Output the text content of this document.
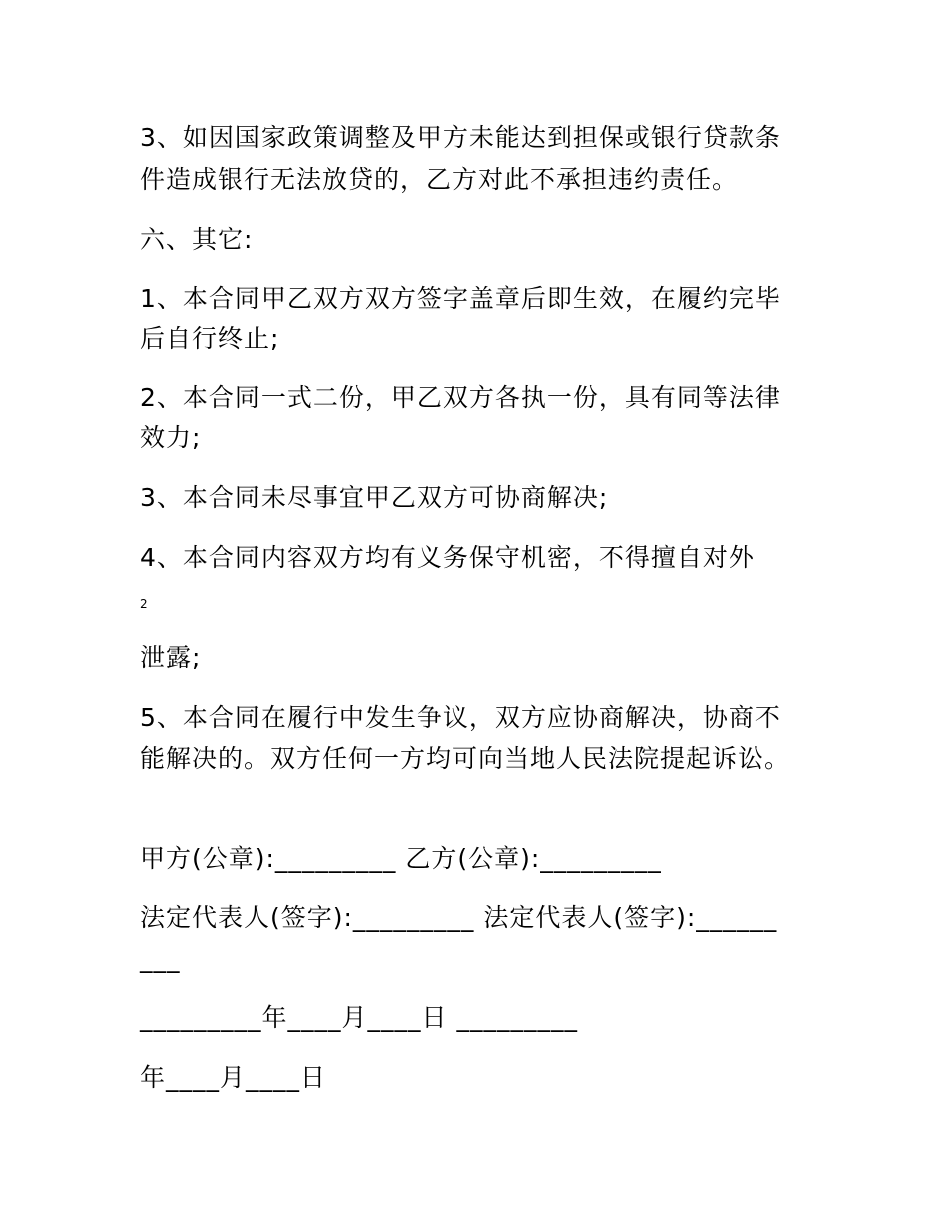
3、如因国家政策调整及甲方未能达到担保或银行贷款条
件造成银行无法放贷的，乙方对此不承担违约责任。
六、其它:
1、本合同甲乙双方双方签字盖章后即生效，在履约完毕
后自行终止;
2、本合同一式二份，甲乙双方各执一份，具有同等法律
效力;
3、本合同未尽事宜甲乙双方可协商解决;
4、本合同内容双方均有义务保守机密，不得擅自对外
2
泄露;
5、本合同在履行中发生争议，双方应协商解决，协商不
能解决的。双方任何一方均可向当地人民法院提起诉讼。
甲方(公章):_________ 乙方(公章):_________
法定代表人(签字):_________ 法定代表人(签字):______
___
_________年____月____日 _________
年____月____日
